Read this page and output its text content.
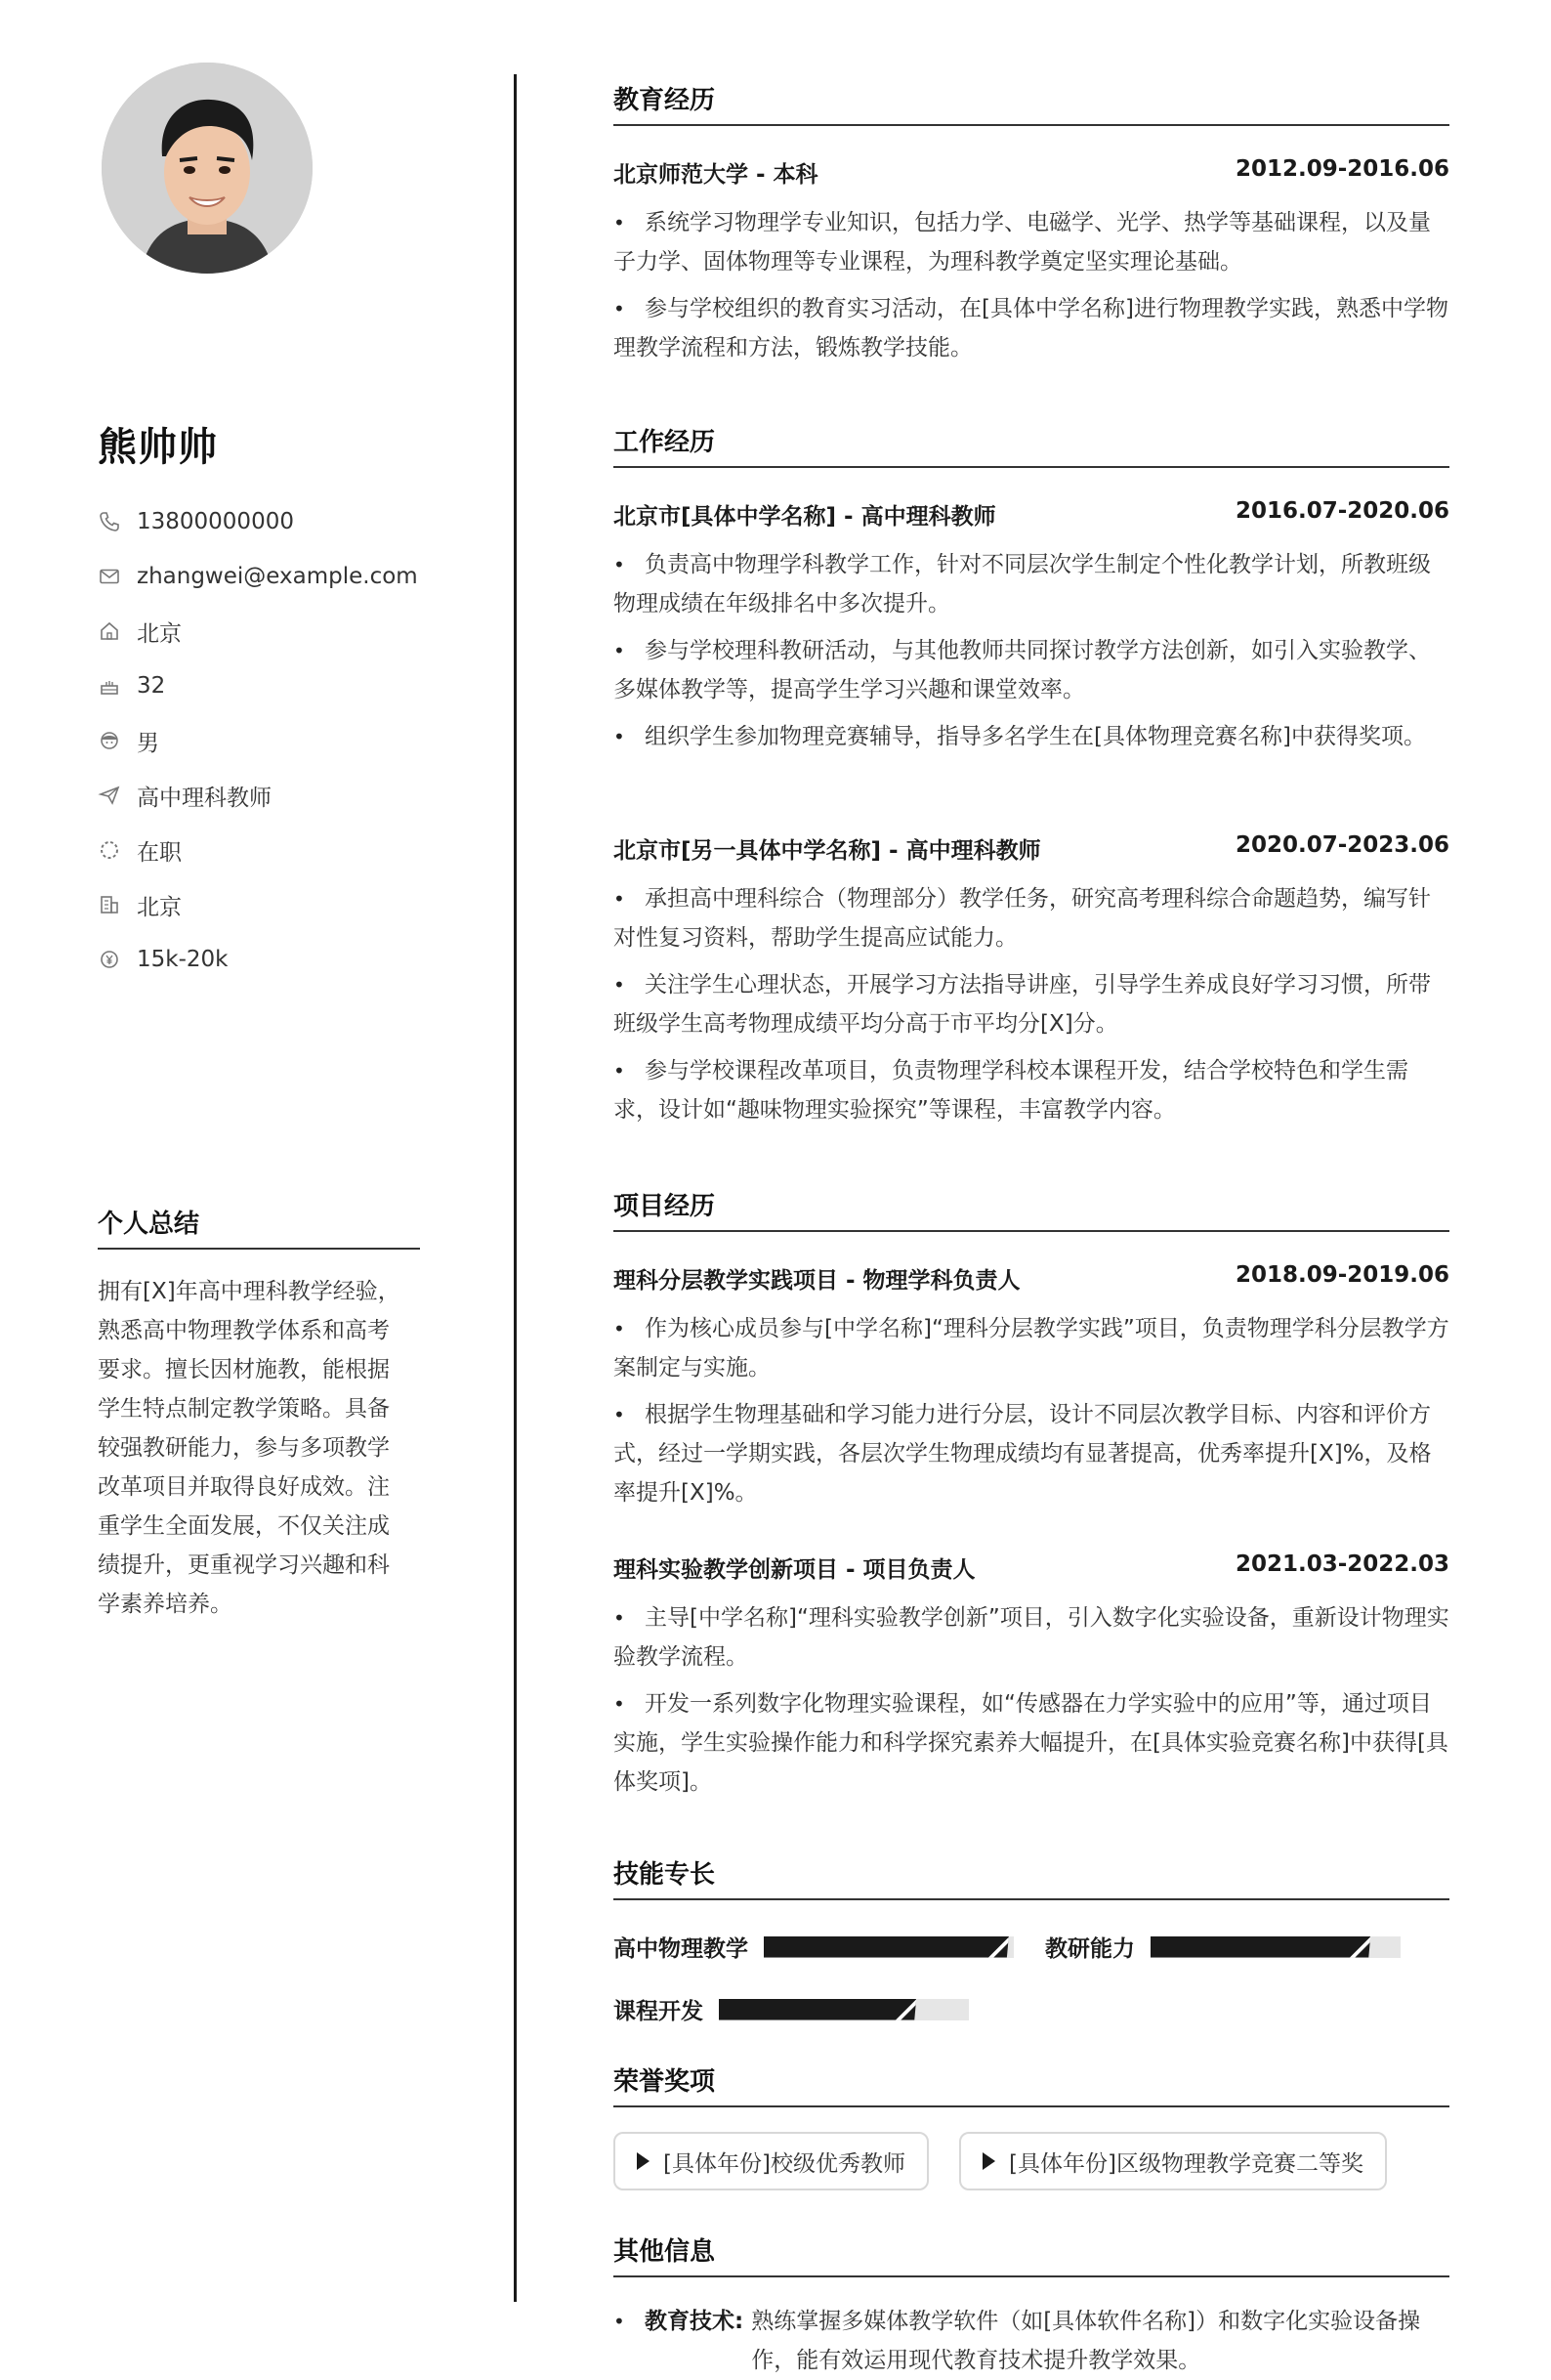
熊帅帅
13800000000
zhangwei@example.com
北京
32
男
高中理科教师
在职
北京
15k-20k
个人总结
拥有[X]年高中理科教学经验，熟悉高中物理教学体系和高考要求。擅长因材施教，能根据学生特点制定教学策略。具备较强教研能力，参与多项教学改革项目并取得良好成效。注重学生全面发展，不仅关注成绩提升，更重视学习兴趣和科学素养培养。
教育经历
北京师范大学 - 本科	2012.09-2016.06
• 系统学习物理学专业知识，包括力学、电磁学、光学、热学等基础课程，以及量子力学、固体物理等专业课程，为理科教学奠定坚实理论基础。
• 参与学校组织的教育实习活动，在[具体中学名称]进行物理教学实践，熟悉中学物理教学流程和方法，锻炼教学技能。
工作经历
北京市[具体中学名称] - 高中理科教师	2016.07-2020.06
• 负责高中物理学科教学工作，针对不同层次学生制定个性化教学计划，所教班级物理成绩在年级排名中多次提升。
• 参与学校理科教研活动，与其他教师共同探讨教学方法创新，如引入实验教学、多媒体教学等，提高学生学习兴趣和课堂效率。
• 组织学生参加物理竞赛辅导，指导多名学生在[具体物理竞赛名称]中获得奖项。
北京市[另一具体中学名称] - 高中理科教师	2020.07-2023.06
• 承担高中理科综合（物理部分）教学任务，研究高考理科综合命题趋势，编写针对性复习资料，帮助学生提高应试能力。
• 关注学生心理状态，开展学习方法指导讲座，引导学生养成良好学习习惯，所带班级学生高考物理成绩平均分高于市平均分[X]分。
• 参与学校课程改革项目，负责物理学科校本课程开发，结合学校特色和学生需求，设计如“趣味物理实验探究”等课程，丰富教学内容。
项目经历
理科分层教学实践项目 - 物理学科负责人	2018.09-2019.06
• 作为核心成员参与[中学名称]“理科分层教学实践”项目，负责物理学科分层教学方案制定与实施。
• 根据学生物理基础和学习能力进行分层，设计不同层次教学目标、内容和评价方式，经过一学期实践，各层次学生物理成绩均有显著提高，优秀率提升[X]%，及格率提升[X]%。
理科实验教学创新项目 - 项目负责人	2021.03-2022.03
• 主导[中学名称]“理科实验教学创新”项目，引入数字化实验设备，重新设计物理实验教学流程。
• 开发一系列数字化物理实验课程，如“传感器在力学实验中的应用”等，通过项目实施，学生实验操作能力和科学探究素养大幅提升，在[具体实验竞赛名称]中获得[具体奖项]。
技能专长
高中物理教学	教研能力
课程开发
荣誉奖项
[具体年份]校级优秀教师	[具体年份]区级物理教学竞赛二等奖
其他信息
• 教育技术: 熟练掌握多媒体教学软件（如[具体软件名称]）和数字化实验设备操作，能有效运用现代教育技术提升教学效果。
